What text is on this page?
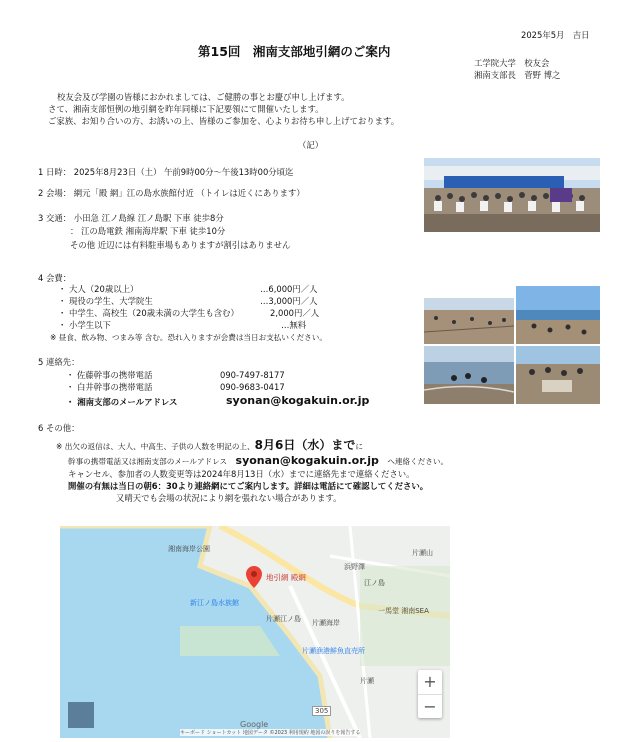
2025年5月　吉日
第15回　湘南支部地引網のご案内
工学院大学　校友会
湘南支部長　菅野 博之
校友会及び学園の皆様におかれましては、ご健勝の事とお慶び申し上げます。
さて、湘南支部恒例の地引網を昨年同様に下記要領にて開催いたします。
ご家族、お知り合いの方、お誘いの上、皆様のご参加を、心よりお待ち申し上げております。
（記）
1 日時： 2025年8月23日（土） 午前9時00分～午後13時00分頃迄
2 会場： 網元「殿 網」江の島水族館付近 （トイレは近くにあります）
3 交通： 小田急 江ノ島線 江ノ島駅 下車 徒歩8分
： 江の島電鉄 湘南海岸駅 下車 徒歩10分
その他 近辺には有料駐車場もありますが割引はありません
4 会費：
・ 大人（20歳以上）	…6,000円／人
・ 現役の学生、大学院生	…3,000円／人
・ 中学生、高校生（20歳未満の大学生も含む）	2,000円／人
・ 小学生以下	…無料
※ 昼食、飲み物、つまみ等 含む。恐れ入りますが会費は当日お支払いください。
5 連絡先：
・ 佐藤幹事の携帯電話	090-7497-8177
・ 白井幹事の携帯電話	090-9683-0417
・ 湘南支部のメールアドレス	syonan@kogakuin.or.jp
6 その他：
※ 出欠の返信は、大人、中高生、子供の人数を明記の上、8月6日（水）までに
幹事の携帯電話又は湘南支部のメールアドレス syonan@kogakuin.or.jp へ連絡ください。
キャンセル、参加者の人数変更等は2024年8月13日（水）までに連絡先まで連絡ください。
開催の有無は当日の朝6：30より連絡網にてご案内します。詳細は電話にて確認してください。
又晴天でも会場の状況により網を張れない場合があります。
湘南海岸公園
地引網 殿網
新江ノ島水族館
片瀬江ノ島 片瀬海岸
江ノ島
一馬堂 湘南SEA
片瀬漁港鮮魚直売所
片瀬
浜野澤
片瀬山
305
Google
キーボード ショートカット 地図データ ©2023 利用規約 地図の誤りを報告する
+
−
